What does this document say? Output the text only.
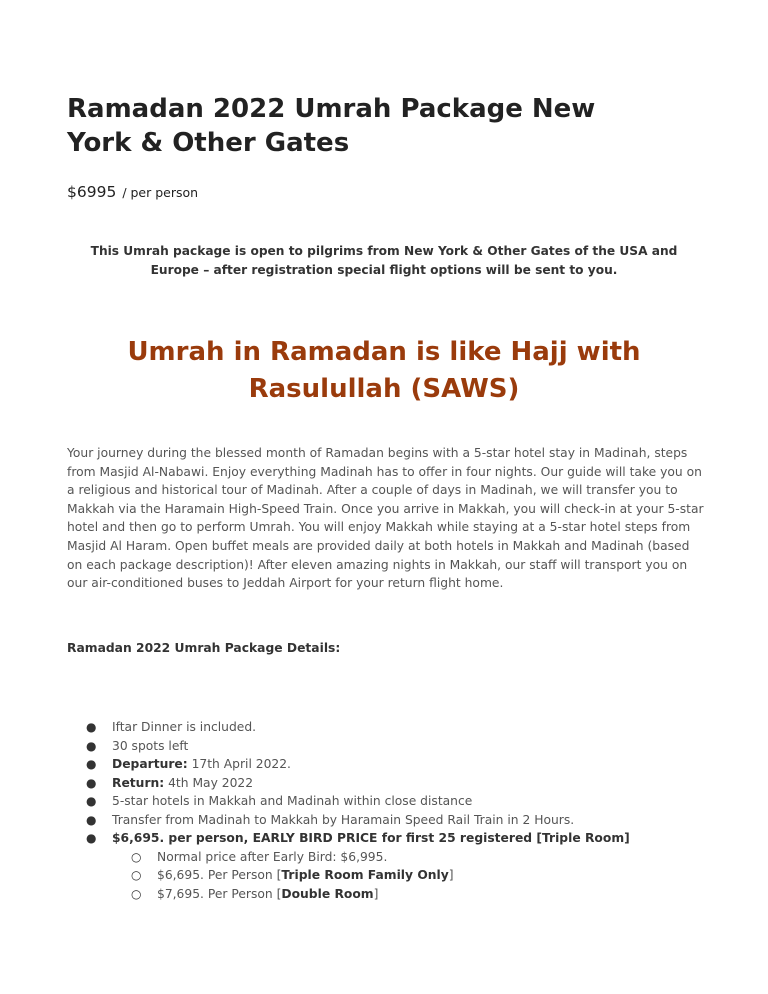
Ramadan 2022 Umrah Package New York & Other Gates
$6995 / per person

This Umrah package is open to pilgrims from New York & Other Gates of the USA and Europe – after registration special flight options will be sent to you.

Umrah in Ramadan is like Hajj with Rasulullah (SAWS)

Your journey during the blessed month of Ramadan begins with a 5-star hotel stay in Madinah, steps from Masjid Al-Nabawi. Enjoy everything Madinah has to offer in four nights. Our guide will take you on a religious and historical tour of Madinah. After a couple of days in Madinah, we will transfer you to Makkah via the Haramain High-Speed Train. Once you arrive in Makkah, you will check-in at your 5-star hotel and then go to perform Umrah. You will enjoy Makkah while staying at a 5-star hotel steps from Masjid Al Haram. Open buffet meals are provided daily at both hotels in Makkah and Madinah (based on each package description)! After eleven amazing nights in Makkah, our staff will transport you on our air-conditioned buses to Jeddah Airport for your return flight home.

Ramadan 2022 Umrah Package Details:

● Iftar Dinner is included.
● 30 spots left
● Departure: 17th April 2022.
● Return: 4th May 2022
● 5-star hotels in Makkah and Madinah within close distance
● Transfer from Madinah to Makkah by Haramain Speed Rail Train in 2 Hours.
● $6,695. per person, EARLY BIRD PRICE for first 25 registered [Triple Room]
○ Normal price after Early Bird: $6,995.
○ $6,695. Per Person [Triple Room Family Only]
○ $7,695. Per Person [Double Room]
